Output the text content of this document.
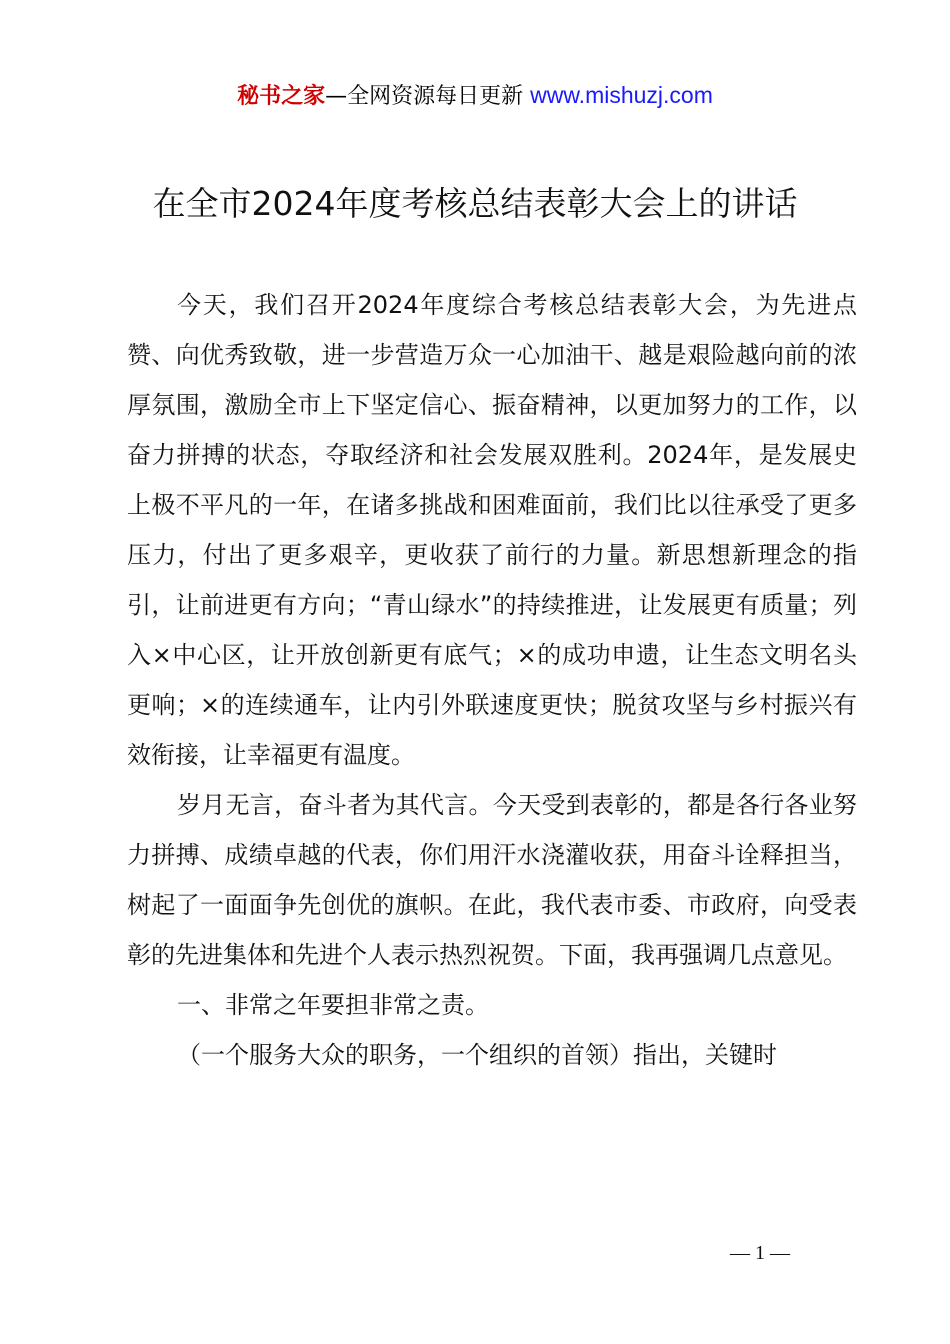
秘书之家—全网资源每日更新 www.mishuzj.com
在全市2024年度考核总结表彰大会上的讲话

今天，我们召开2024年度综合考核总结表彰大会，为先进点赞、向优秀致敬，进一步营造万众一心加油干、越是艰险越向前的浓厚氛围，激励全市上下坚定信心、振奋精神，以更加努力的工作，以奋力拼搏的状态，夺取经济和社会发展双胜利。2024年，是发展史上极不平凡的一年，在诸多挑战和困难面前，我们比以往承受了更多压力，付出了更多艰辛，更收获了前行的力量。新思想新理念的指引，让前进更有方向；“青山绿水”的持续推进，让发展更有质量；列入×中心区，让开放创新更有底气；×的成功申遗，让生态文明名头更响；×的连续通车，让内引外联速度更快；脱贫攻坚与乡村振兴有效衔接，让幸福更有温度。

岁月无言，奋斗者为其代言。今天受到表彰的，都是各行各业努力拼搏、成绩卓越的代表，你们用汗水浇灌收获，用奋斗诠释担当，树起了一面面争先创优的旗帜。在此，我代表市委、市政府，向受表彰的先进集体和先进个人表示热烈祝贺。下面，我再强调几点意见。

一、非常之年要担非常之责。

（一个服务大众的职务，一个组织的首领）指出，关键时

— 1 —
